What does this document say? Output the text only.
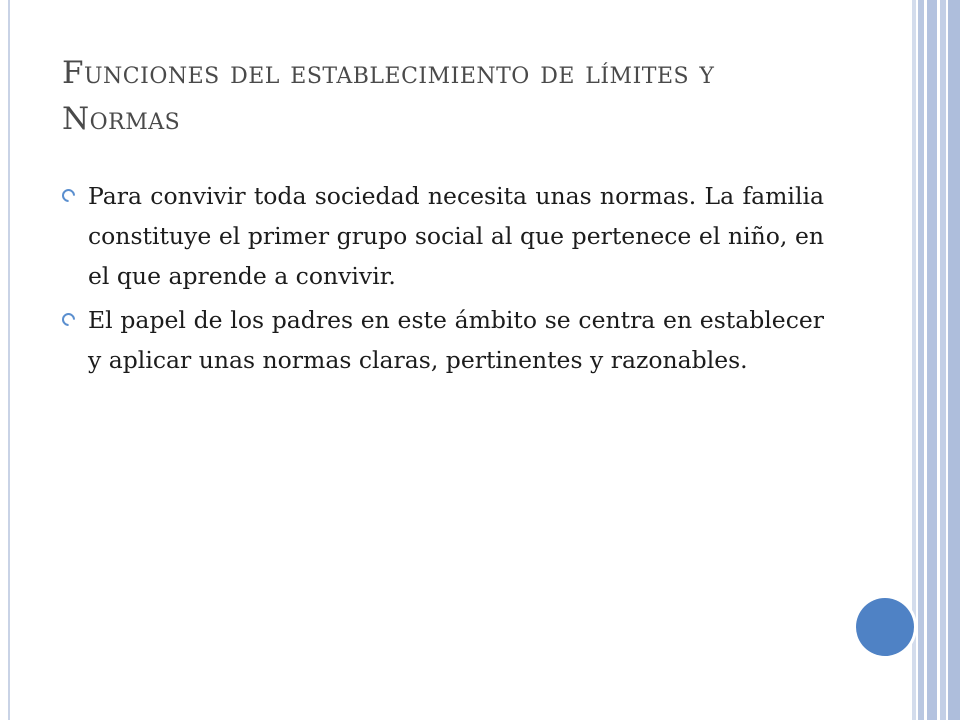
Funciones del establecimiento de límites y Normas
Para convivir toda sociedad necesita unas normas. La familia constituye el primer grupo social al que pertenece el niño, en el que aprende a convivir.
El papel de los padres en este ámbito se centra en establecer y aplicar unas normas claras, pertinentes y razonables.
